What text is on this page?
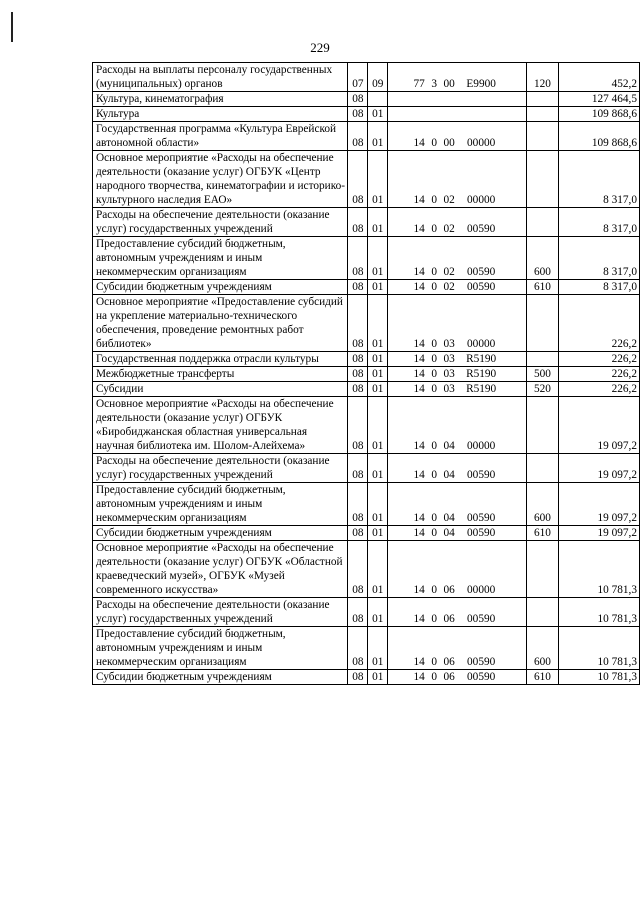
229
Расходы на выплаты персоналу государственных (муниципальных) органов	07	09	77 3 00 E9900	120	452,2
Культура, кинематография	08				127 464,5
Культура	08	01			109 868,6
Государственная программа «Культура Еврейской автономной области»	08	01	14 0 00 00000		109 868,6
Основное мероприятие «Расходы на обеспечение деятельности (оказание услуг) ОГБУК «Центр народного творчества, кинематографии и историко-культурного наследия ЕАО»	08	01	14 0 02 00000		8 317,0
Расходы на обеспечение деятельности (оказание услуг) государственных учреждений	08	01	14 0 02 00590		8 317,0
Предоставление субсидий бюджетным, автономным учреждениям и иным некоммерческим организациям	08	01	14 0 02 00590	600	8 317,0
Субсидии бюджетным учреждениям	08	01	14 0 02 00590	610	8 317,0
Основное мероприятие «Предоставление субсидий на укрепление материально-технического обеспечения, проведение ремонтных работ библиотек»	08	01	14 0 03 00000		226,2
Государственная поддержка отрасли культуры	08	01	14 0 03 R5190		226,2
Межбюджетные трансферты	08	01	14 0 03 R5190	500	226,2
Субсидии	08	01	14 0 03 R5190	520	226,2
Основное мероприятие «Расходы на обеспечение деятельности (оказание услуг) ОГБУК «Биробиджанская областная универсальная научная библиотека им. Шолом-Алейхема»	08	01	14 0 04 00000		19 097,2
Расходы на обеспечение деятельности (оказание услуг) государственных учреждений	08	01	14 0 04 00590		19 097,2
Предоставление субсидий бюджетным, автономным учреждениям и иным некоммерческим организациям	08	01	14 0 04 00590	600	19 097,2
Субсидии бюджетным учреждениям	08	01	14 0 04 00590	610	19 097,2
Основное мероприятие «Расходы на обеспечение деятельности (оказание услуг) ОГБУК «Областной краеведческий музей», ОГБУК «Музей современного искусства»	08	01	14 0 06 00000		10 781,3
Расходы на обеспечение деятельности (оказание услуг) государственных учреждений	08	01	14 0 06 00590		10 781,3
Предоставление субсидий бюджетным, автономным учреждениям и иным некоммерческим организациям	08	01	14 0 06 00590	600	10 781,3
Субсидии бюджетным учреждениям	08	01	14 0 06 00590	610	10 781,3
